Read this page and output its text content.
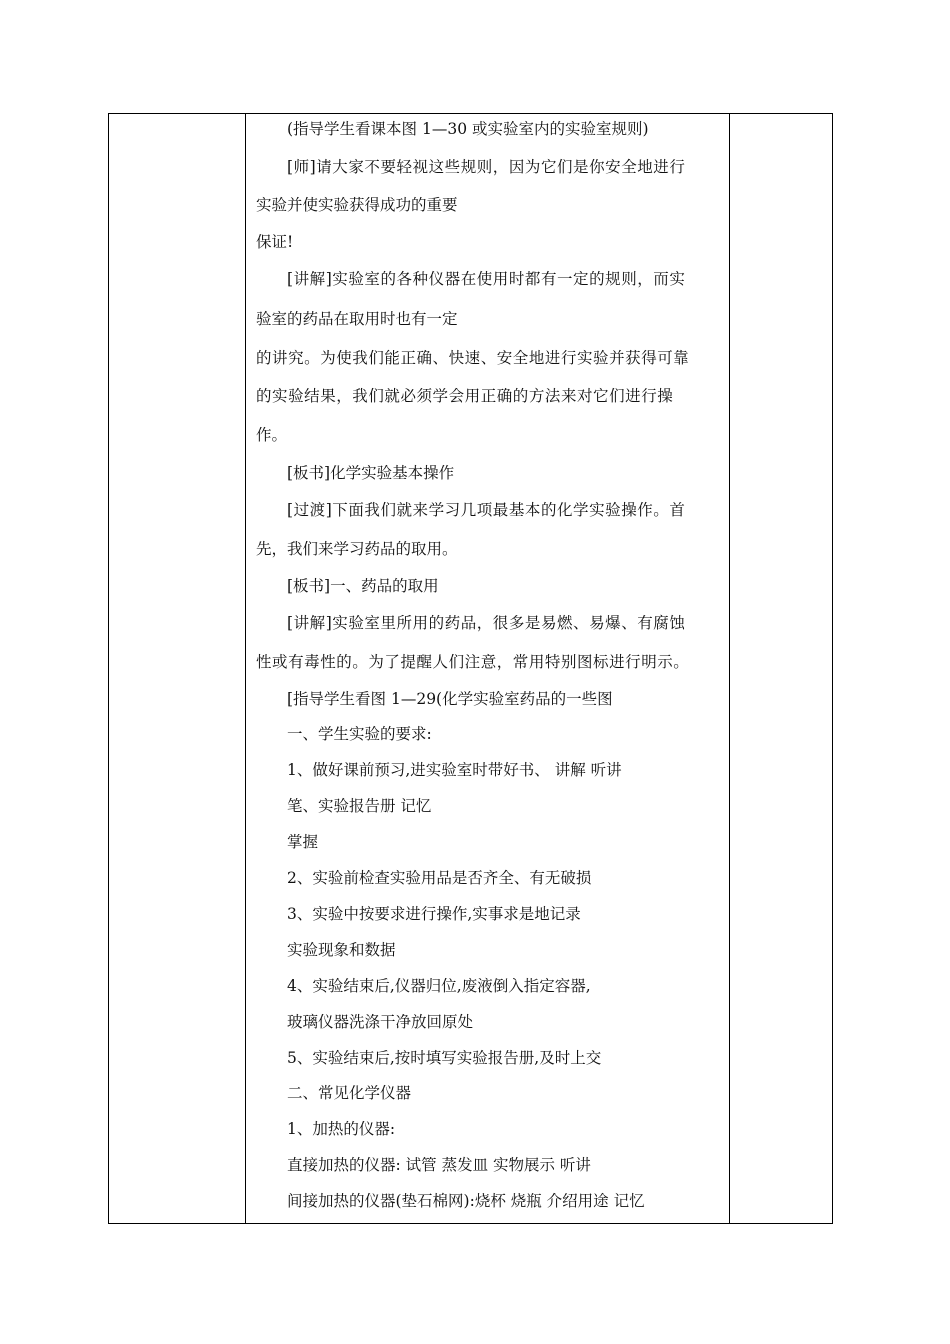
(指导学生看课本图 1—30 或实验室内的实验室规则)
[师]请大家不要轻视这些规则，因为它们是你安全地进行
实验并使实验获得成功的重要
保证!
[讲解]实验室的各种仪器在使用时都有一定的规则，而实
验室的药品在取用时也有一定
的讲究。为使我们能正确、快速、安全地进行实验并获得可靠
的实验结果，我们就必须学会用正确的方法来对它们进行操
作。
[板书]化学实验基本操作
[过渡]下面我们就来学习几项最基本的化学实验操作。首
先，我们来学习药品的取用。
[板书]一、药品的取用
[讲解]实验室里所用的药品，很多是易燃、易爆、有腐蚀
性或有毒性的。为了提醒人们注意，常用特别图标进行明示。
[指导学生看图 1—29(化学实验室药品的一些图
一、学生实验的要求:
1、做好课前预习,进实验室时带好书、 讲解 听讲
笔、实验报告册 记忆
掌握
2、实验前检查实验用品是否齐全、有无破损
3、实验中按要求进行操作,实事求是地记录
实验现象和数据
4、实验结束后,仪器归位,废液倒入指定容器,
玻璃仪器洗涤干净放回原处
5、实验结束后,按时填写实验报告册,及时上交
二、常见化学仪器
1、加热的仪器:
直接加热的仪器: 试管 蒸发皿 实物展示 听讲
间接加热的仪器(垫石棉网):烧杯 烧瓶 介绍用途 记忆
